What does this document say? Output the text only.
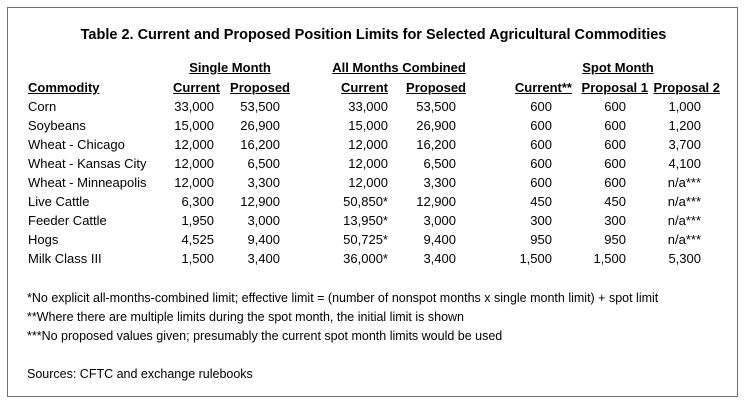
Table 2. Current and Proposed Position Limits for Selected Agricultural Commodities
Single Month	All Months Combined	Spot Month
Commodity	Current Proposed	Current	Proposed	Current** Proposal 1 Proposal 2
Corn	33,000	53,500	33,000	53,500	600	600	1,000
Soybeans	15,000	26,900	15,000	26,900	600	600	1,200
Wheat - Chicago	12,000	16,200	12,000	16,200	600	600	3,700
Wheat - Kansas City	12,000	6,500	12,000	6,500	600	600	4,100
Wheat - Minneapolis	12,000	3,300	12,000	3,300	600	600	n/a***
Live Cattle	6,300	12,900	50,850*	12,900	450	450	n/a***
Feeder Cattle	1,950	3,000	13,950*	3,000	300	300	n/a***
Hogs	4,525	9,400	50,725*	9,400	950	950	n/a***
Milk Class III	1,500	3,400	36,000*	3,400	1,500	1,500	5,300
*No explicit all-months-combined limit; effective limit = (number of nonspot months x single month limit) + spot limit
**Where there are multiple limits during the spot month, the initial limit is shown
***No proposed values given; presumably the current spot month limits would be used
Sources: CFTC and exchange rulebooks
